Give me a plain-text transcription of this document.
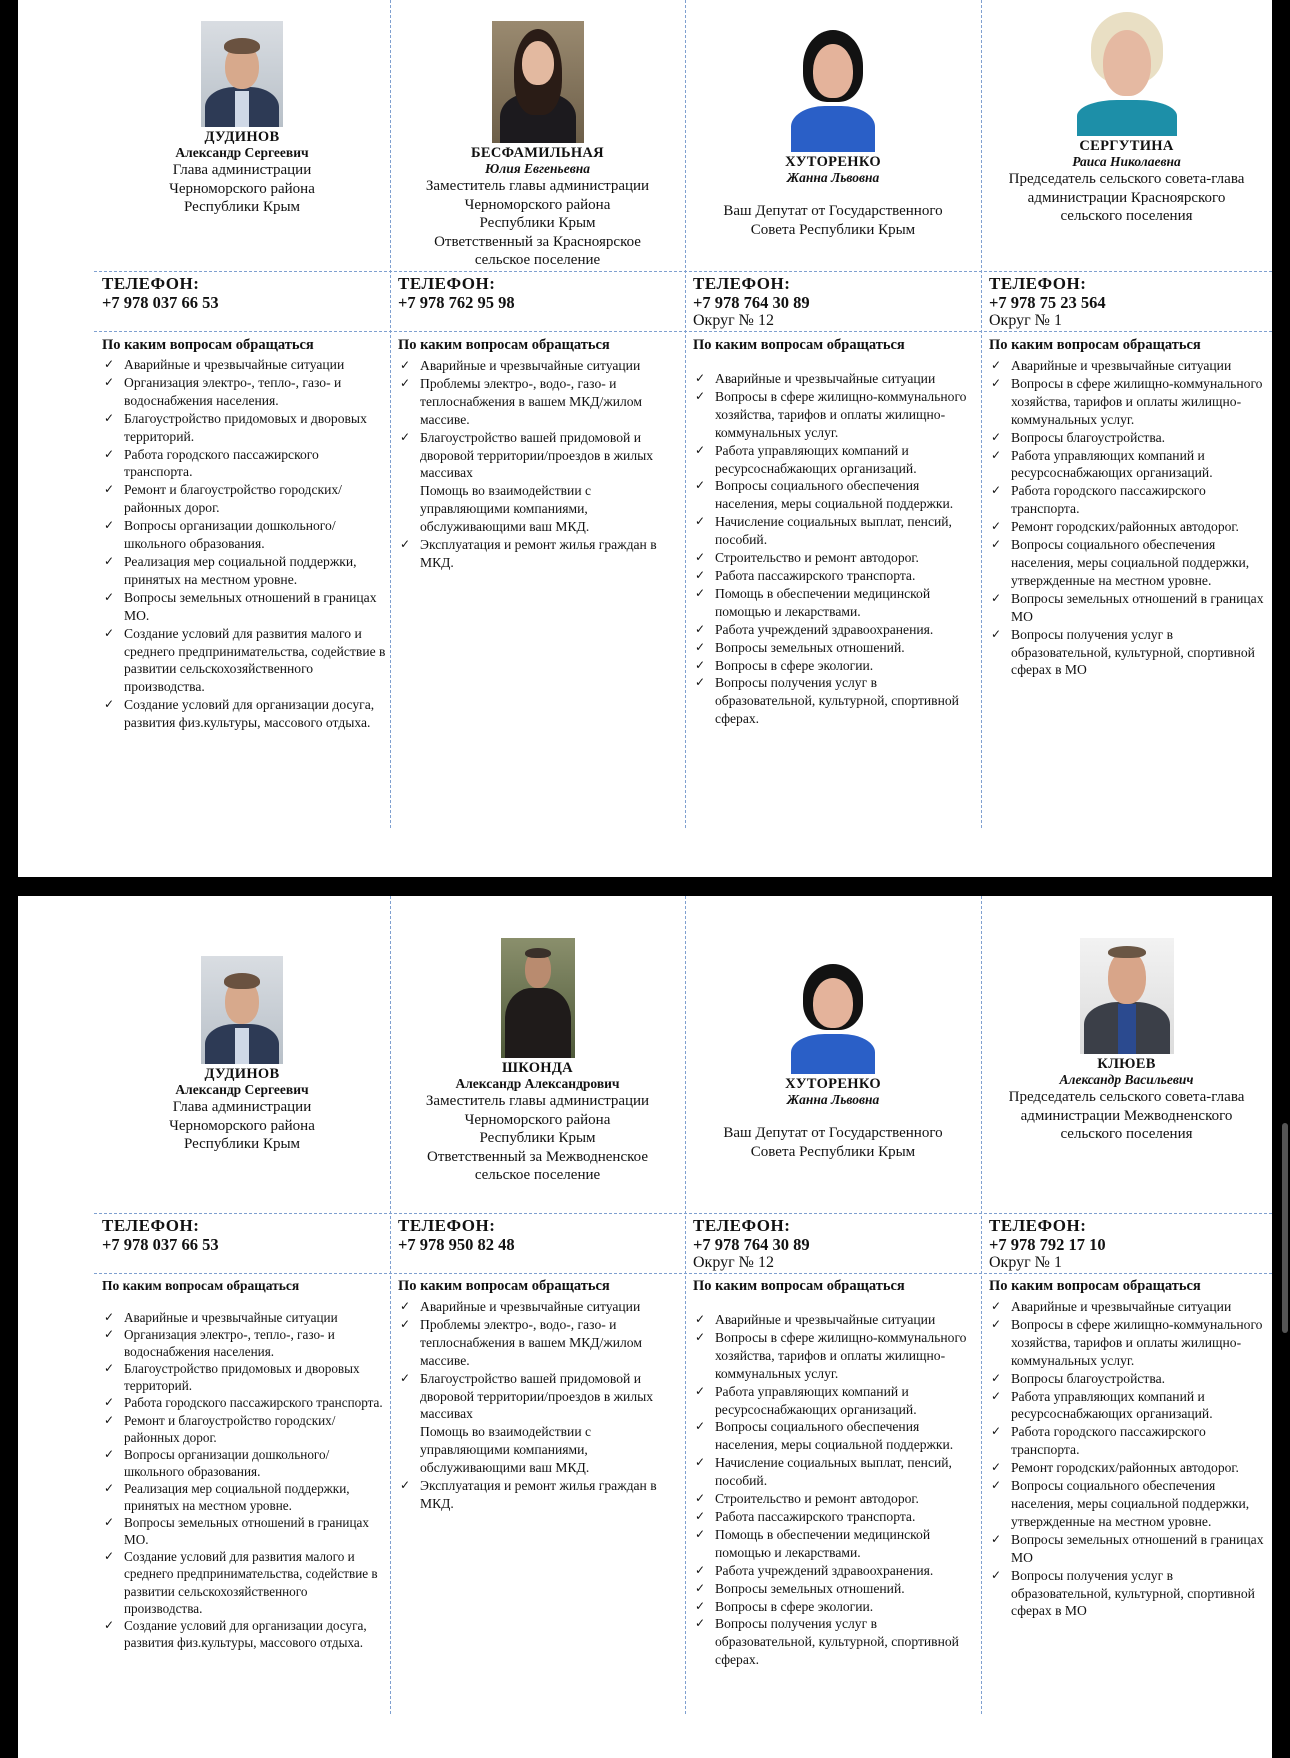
ДУДИНОВ
Александр Сергеевич
Глава администрации
Черноморского района
Республики Крым
ТЕЛЕФОН:
+7 978 037 66 53
По каким вопросам обращаться
✓ Аварийные и чрезвычайные ситуации
✓ Организация электро-, тепло-, газо- и водоснабжения населения.
✓ Благоустройство придомовых и дворовых территорий.
✓ Работа городского пассажирского транспорта.
✓ Ремонт и благоустройство городских/районных дорог.
✓ Вопросы организации дошкольного/школьного образования.
✓ Реализация мер социальной поддержки, принятых на местном уровне.
✓ Вопросы земельных отношений в границах МО.
✓ Создание условий для развития малого и среднего предпринимательства, содействие в развитии сельскохозяйственного производства.
✓ Создание условий для организации досуга, развития физ.культуры, массового отдыха.
БЕСФАМИЛЬНАЯ
Юлия Евгеньевна
Заместитель главы администрации
Черноморского района
Республики Крым
Ответственный за Красноярское
сельское поселение
ТЕЛЕФОН:
+7 978 762 95 98
По каким вопросам обращаться
✓ Аварийные и чрезвычайные ситуации
✓ Проблемы электро-, водо-, газо- и теплоснабжения в вашем МКД/жилом массиве.
✓ Благоустройство вашей придомовой и дворовой территории/проездов в жилых массивах
Помощь во взаимодействии с управляющими компаниями, обслуживающими ваш МКД.
✓ Эксплуатация и ремонт жилья граждан в МКД.
ХУТОРЕНКО
Жанна Львовна
Ваш Депутат от Государственного
Совета Республики Крым
ТЕЛЕФОН:
+7 978 764 30 89
Округ № 12
По каким вопросам обращаться
✓ Аварийные и чрезвычайные ситуации
✓ Вопросы в сфере жилищно-коммунального хозяйства, тарифов и оплаты жилищно-коммунальных услуг.
✓ Работа управляющих компаний и ресурсоснабжающих организаций.
✓ Вопросы социального обеспечения населения, меры социальной поддержки.
✓ Начисление социальных выплат, пенсий, пособий.
✓ Строительство и ремонт автодорог.
✓ Работа пассажирского транспорта.
✓ Помощь в обеспечении медицинской помощью и лекарствами.
✓ Работа учреждений здравоохранения.
✓ Вопросы земельных отношений.
✓ Вопросы в сфере экологии.
✓ Вопросы получения услуг в образовательной, культурной, спортивной сферах.
СЕРГУТИНА
Раиса Николаевна
Председатель сельского совета-глава
администрации Красноярского
сельского поселения
ТЕЛЕФОН:
+7 978 75 23 564
Округ № 1
По каким вопросам обращаться
✓ Аварийные и чрезвычайные ситуации
✓ Вопросы в сфере жилищно-коммунального хозяйства, тарифов и оплаты жилищно-коммунальных услуг.
✓ Вопросы благоустройства.
✓ Работа управляющих компаний и ресурсоснабжающих организаций.
✓ Работа городского пассажирского транспорта.
✓ Ремонт городских/районных автодорог.
✓ Вопросы социального обеспечения населения, меры социальной поддержки, утвержденные на местном уровне.
✓ Вопросы земельных отношений в границах МО
✓ Вопросы получения услуг в образовательной, культурной, спортивной сферах в МО
ДУДИНОВ
Александр Сергеевич
Глава администрации
Черноморского района
Республики Крым
ТЕЛЕФОН:
+7 978 037 66 53
По каким вопросам обращаться
✓ Аварийные и чрезвычайные ситуации
✓ Организация электро-, тепло-, газо- и водоснабжения населения.
✓ Благоустройство придомовых и дворовых территорий.
✓ Работа городского пассажирского транспорта.
✓ Ремонт и благоустройство городских/районных дорог.
✓ Вопросы организации дошкольного/школьного образования.
✓ Реализация мер социальной поддержки, принятых на местном уровне.
✓ Вопросы земельных отношений в границах МО.
✓ Создание условий для развития малого и среднего предпринимательства, содействие в развитии сельскохозяйственного производства.
✓ Создание условий для организации досуга, развития физ.культуры, массового отдыха.
ШКОНДА
Александр Александрович
Заместитель главы администрации
Черноморского района
Республики Крым
Ответственный за Межводненское
сельское поселение
ТЕЛЕФОН:
+7 978 950 82 48
По каким вопросам обращаться
✓ Аварийные и чрезвычайные ситуации
✓ Проблемы электро-, водо-, газо- и теплоснабжения в вашем МКД/жилом массиве.
✓ Благоустройство вашей придомовой и дворовой территории/проездов в жилых массивах
Помощь во взаимодействии с управляющими компаниями, обслуживающими ваш МКД.
✓ Эксплуатация и ремонт жилья граждан в МКД.
ХУТОРЕНКО
Жанна Львовна
Ваш Депутат от Государственного
Совета Республики Крым
ТЕЛЕФОН:
+7 978 764 30 89
Округ № 12
По каким вопросам обращаться
✓ Аварийные и чрезвычайные ситуации
✓ Вопросы в сфере жилищно-коммунального хозяйства, тарифов и оплаты жилищно-коммунальных услуг.
✓ Работа управляющих компаний и ресурсоснабжающих организаций.
✓ Вопросы социального обеспечения населения, меры социальной поддержки.
✓ Начисление социальных выплат, пенсий, пособий.
✓ Строительство и ремонт автодорог.
✓ Работа пассажирского транспорта.
✓ Помощь в обеспечении медицинской помощью и лекарствами.
✓ Работа учреждений здравоохранения.
✓ Вопросы земельных отношений.
✓ Вопросы в сфере экологии.
✓ Вопросы получения услуг в образовательной, культурной, спортивной сферах.
КЛЮЕВ
Александр Васильевич
Председатель сельского совета-глава
администрации Межводненского
сельского поселения
ТЕЛЕФОН:
+7 978 792 17 10
Округ № 1
По каким вопросам обращаться
✓ Аварийные и чрезвычайные ситуации
✓ Вопросы в сфере жилищно-коммунального хозяйства, тарифов и оплаты жилищно-коммунальных услуг.
✓ Вопросы благоустройства.
✓ Работа управляющих компаний и ресурсоснабжающих организаций.
✓ Работа городского пассажирского транспорта.
✓ Ремонт городских/районных автодорог.
✓ Вопросы социального обеспечения населения, меры социальной поддержки, утвержденные на местном уровне.
✓ Вопросы земельных отношений в границах МО
✓ Вопросы получения услуг в образовательной, культурной, спортивной сферах в МО
